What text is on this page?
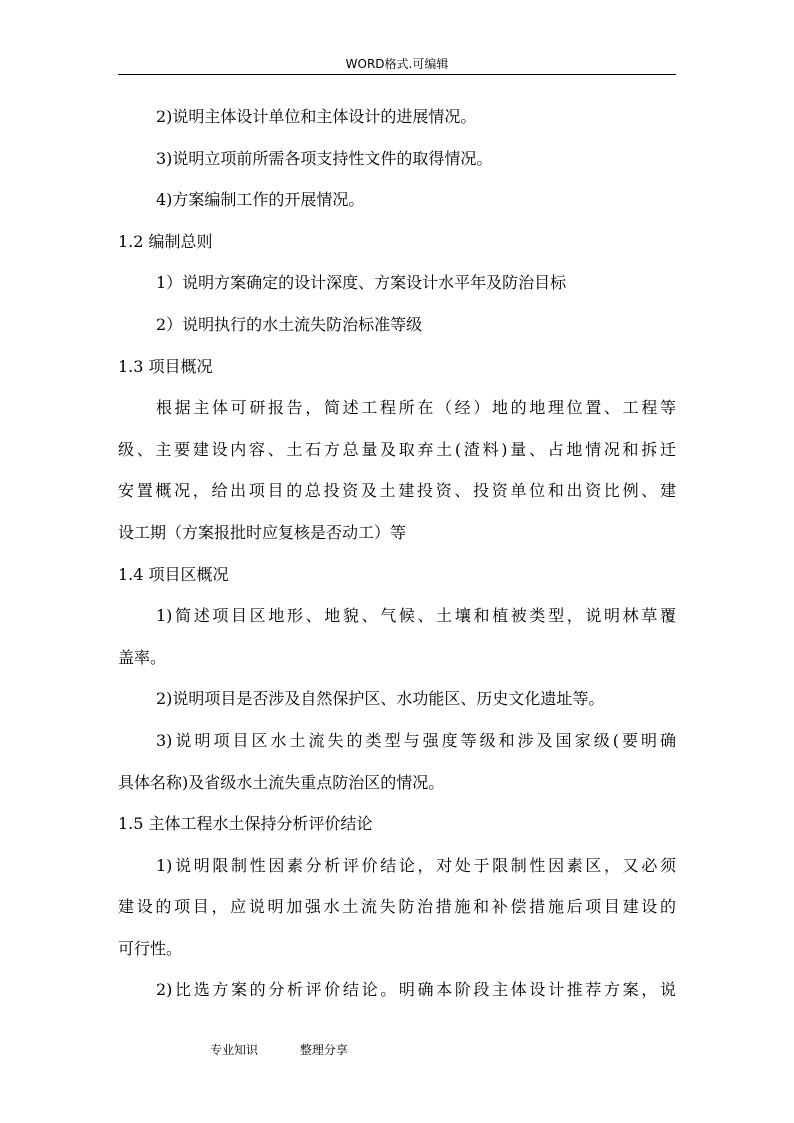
WORD格式.可编辑
2)说明主体设计单位和主体设计的进展情况。
3)说明立项前所需各项支持性文件的取得情况。
4)方案编制工作的开展情况。
1.2 编制总则
1）说明方案确定的设计深度、方案设计水平年及防治目标
2）说明执行的水土流失防治标准等级
1.3 项目概况
根据主体可研报告，简述工程所在（经）地的地理位置、工程等
级、主要建设内容、土石方总量及取弃土(渣料)量、占地情况和拆迁
安置概况，给出项目的总投资及土建投资、投资单位和出资比例、建
设工期（方案报批时应复核是否动工）等
1.4 项目区概况
1)简述项目区地形、地貌、气候、土壤和植被类型，说明林草覆
盖率。
2)说明项目是否涉及自然保护区、水功能区、历史文化遗址等。
3)说明项目区水土流失的类型与强度等级和涉及国家级(要明确
具体名称)及省级水土流失重点防治区的情况。
1.5 主体工程水土保持分析评价结论
1)说明限制性因素分析评价结论，对处于限制性因素区，又必须
建设的项目，应说明加强水土流失防治措施和补偿措施后项目建设的
可行性。
2)比选方案的分析评价结论。明确本阶段主体设计推荐方案，说
专业知识	整理分享
